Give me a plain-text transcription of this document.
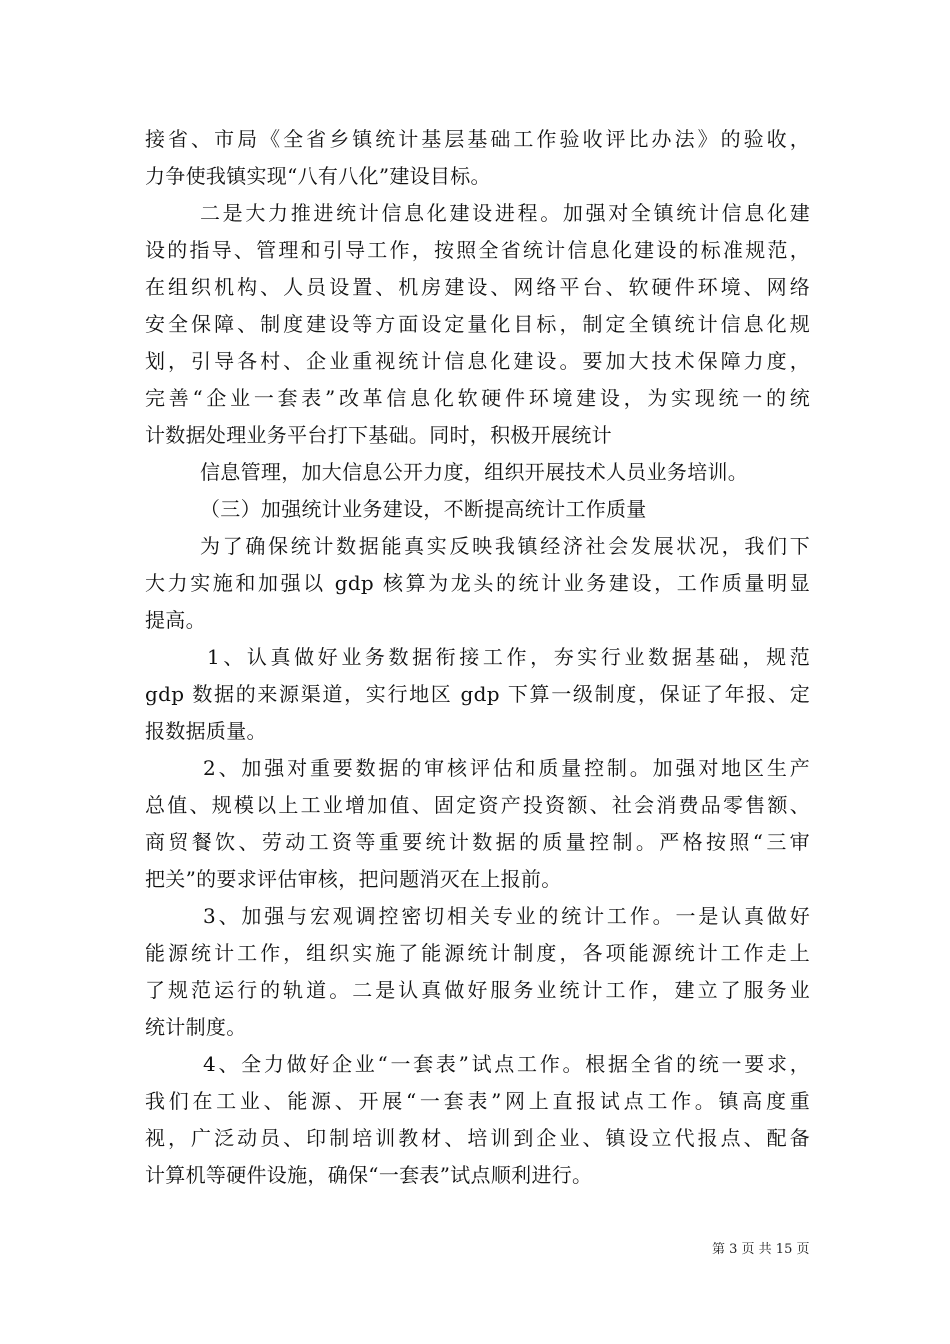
接省、市局《全省乡镇统计基层基础工作验收评比办法》的验收，
力争使我镇实现“八有八化”建设目标。
二是大力推进统计信息化建设进程。加强对全镇统计信息化建
设的指导、管理和引导工作，按照全省统计信息化建设的标准规范，
在组织机构、人员设置、机房建设、网络平台、软硬件环境、网络
安全保障、制度建设等方面设定量化目标，制定全镇统计信息化规
划，引导各村、企业重视统计信息化建设。要加大技术保障力度，
完善“企业一套表”改革信息化软硬件环境建设，为实现统一的统
计数据处理业务平台打下基础。同时，积极开展统计
信息管理，加大信息公开力度，组织开展技术人员业务培训。
（三）加强统计业务建设，不断提高统计工作质量
为了确保统计数据能真实反映我镇经济社会发展状况，我们下
大力实施和加强以 gdp 核算为龙头的统计业务建设，工作质量明显
提高。
1、认真做好业务数据衔接工作，夯实行业数据基础，规范
gdp 数据的来源渠道，实行地区 gdp 下算一级制度，保证了年报、定
报数据质量。
2、加强对重要数据的审核评估和质量控制。加强对地区生产
总值、规模以上工业增加值、固定资产投资额、社会消费品零售额、
商贸餐饮、劳动工资等重要统计数据的质量控制。严格按照“三审
把关”的要求评估审核，把问题消灭在上报前。
3、加强与宏观调控密切相关专业的统计工作。一是认真做好
能源统计工作，组织实施了能源统计制度，各项能源统计工作走上
了规范运行的轨道。二是认真做好服务业统计工作，建立了服务业
统计制度。
4、全力做好企业“一套表”试点工作。根据全省的统一要求，
我们在工业、能源、开展“一套表”网上直报试点工作。镇高度重
视，广泛动员、印制培训教材、培训到企业、镇设立代报点、配备
计算机等硬件设施，确保“一套表”试点顺利进行。
第 3 页 共 15 页
